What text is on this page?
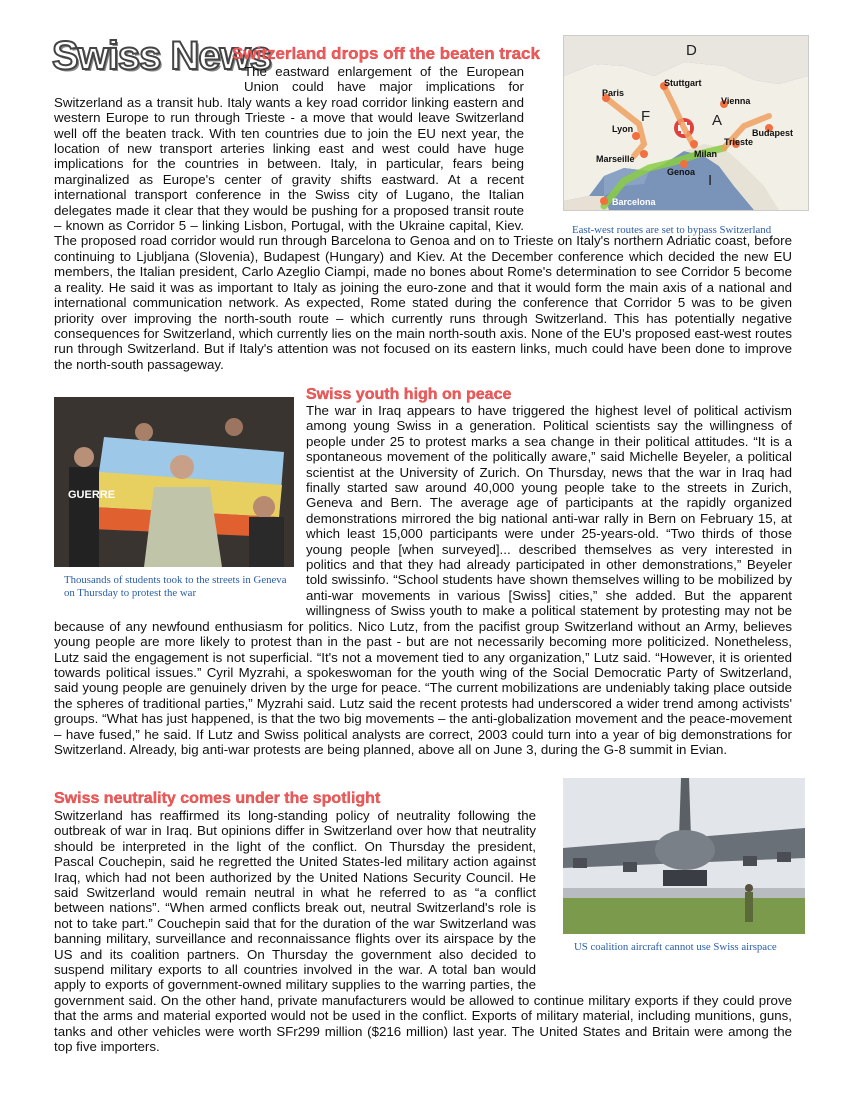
Swiss News
Switzerland drops off the beaten track	D
Paris
Stuttgart
Vienna
F	A
Lyon	Budapest
Trieste
Marseille	Milan
Genoa I
Barcelona
East-west routes are set to bypass Switzerland
The eastward enlargement of the European Union could have major implications for Switzerland as a transit hub. Italy wants a key road corridor linking eastern and western Europe to run through Trieste - a move that would leave Switzerland well off the beaten track. With ten countries due to join the EU next year, the location of new transport arteries linking east and west could have huge implications for the countries in between. Italy, in particular, fears being marginalized as Europe's center of gravity shifts eastward. At a recent international transport conference in the Swiss city of Lugano, the Italian delegates made it clear that they would be pushing for a proposed transit route – known as Corridor 5 – linking Lisbon, Portugal, with the Ukraine capital, Kiev. The proposed road corridor would run through Barcelona to Genoa and on to Trieste on Italy's northern Adriatic coast, before continuing to Ljubljana (Slovenia), Budapest (Hungary) and Kiev. At the December conference which decided the new EU members, the Italian president, Carlo Azeglio Ciampi, made no bones about Rome's determination to see Corridor 5 become a reality. He said it was as important to Italy as joining the euro-zone and that it would form the main axis of a national and international communication network. As expected, Rome stated during the conference that Corridor 5 was to be given priority over improving the north-south route – which currently runs through Switzerland. This has potentially negative consequences for Switzerland, which currently lies on the main north-south axis. None of the EU's proposed east-west routes run through Switzerland. But if Italy's attention was not focused on its eastern links, much could have been done to improve the north-south passageway.
Swiss youth high on peace
GUERRE
Thousands of students took to the streets in Geneva on Thursday to protest the war
The war in Iraq appears to have triggered the highest level of political activism among young Swiss in a generation. Political scientists say the willingness of people under 25 to protest marks a sea change in their political attitudes. “It is a spontaneous movement of the politically aware,” said Michelle Beyeler, a political scientist at the University of Zurich. On Thursday, news that the war in Iraq had finally started saw around 40,000 young people take to the streets in Zurich, Geneva and Bern. The average age of participants at the rapidly organized demonstrations mirrored the big national anti-war rally in Bern on February 15, at which least 15,000 participants were under 25-years-old. “Two thirds of those young people [when surveyed]... described themselves as very interested in politics and that they had already participated in other demonstrations,” Beyeler told swissinfo. “School students have shown themselves willing to be mobilized by anti-war movements in various [Swiss] cities,” she added. But the apparent willingness of Swiss youth to make a political statement by protesting may not be because of any newfound enthusiasm for politics. Nico Lutz, from the pacifist group Switzerland without an Army, believes young people are more likely to protest than in the past - but are not necessarily becoming more politicized. Nonetheless, Lutz said the engagement is not superficial. “It's not a movement tied to any organization,” Lutz said. “However, it is oriented towards political issues.” Cyril Myzrahi, a spokeswoman for the youth wing of the Social Democratic Party of Switzerland, said young people are genuinely driven by the urge for peace. “The current mobilizations are undeniably taking place outside the spheres of traditional parties,” Myzrahi said. Lutz said the recent protests had underscored a wider trend among activists' groups. “What has just happened, is that the two big movements – the anti-globalization movement and the peace-movement – have fused,” he said. If Lutz and Swiss political analysts are correct, 2003 could turn into a year of big demonstrations for Switzerland. Already, big anti-war protests are being planned, above all on June 3, during the G-8 summit in Evian.
Swiss neutrality comes under the spotlight
US coalition aircraft cannot use Swiss airspace
Switzerland has reaffirmed its long-standing policy of neutrality following the outbreak of war in Iraq. But opinions differ in Switzerland over how that neutrality should be interpreted in the light of the conflict. On Thursday the president, Pascal Couchepin, said he regretted the United States-led military action against Iraq, which had not been authorized by the United Nations Security Council. He said Switzerland would remain neutral in what he referred to as “a conflict between nations”. “When armed conflicts break out, neutral Switzerland's role is not to take part.” Couchepin said that for the duration of the war Switzerland was banning military, surveillance and reconnaissance flights over its airspace by the US and its coalition partners. On Thursday the government also decided to suspend military exports to all countries involved in the war. A total ban would apply to exports of government-owned military supplies to the warring parties, the government said. On the other hand, private manufacturers would be allowed to continue military exports if they could prove that the arms and material exported would not be used in the conflict. Exports of military material, including munitions, guns, tanks and other vehicles were worth SFr299 million ($216 million) last year. The United States and Britain were among the top five importers.
